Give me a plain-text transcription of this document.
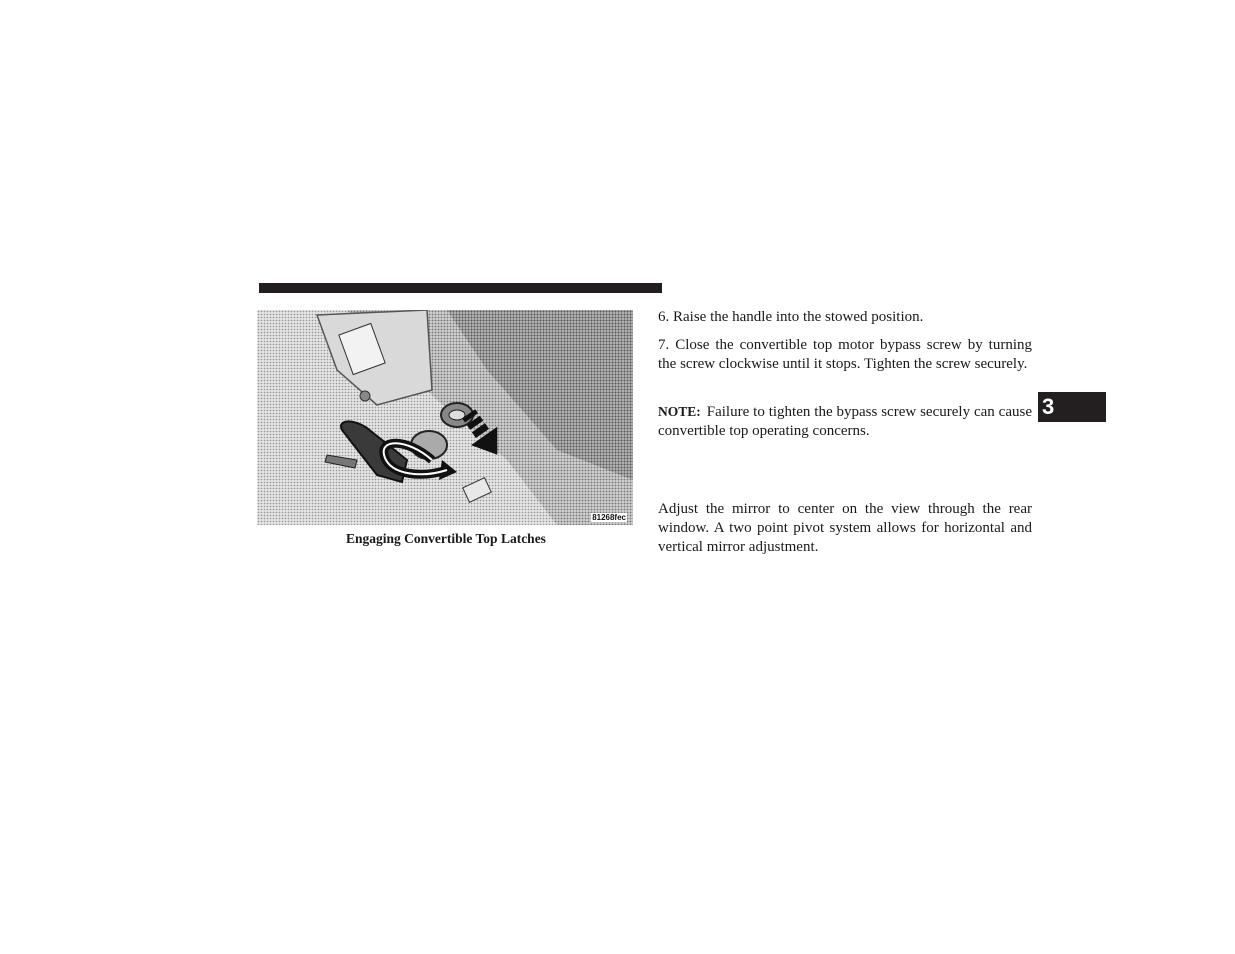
81268fec
Engaging Convertible Top Latches

6. Raise the handle into the stowed position.

7. Close the convertible top motor bypass screw by turning the screw clockwise until it stops. Tighten the screw securely.

NOTE: Failure to tighten the bypass screw securely can cause convertible top operating concerns.

Adjust the mirror to center on the view through the rear window. A two point pivot system allows for horizontal and vertical mirror adjustment.

3
